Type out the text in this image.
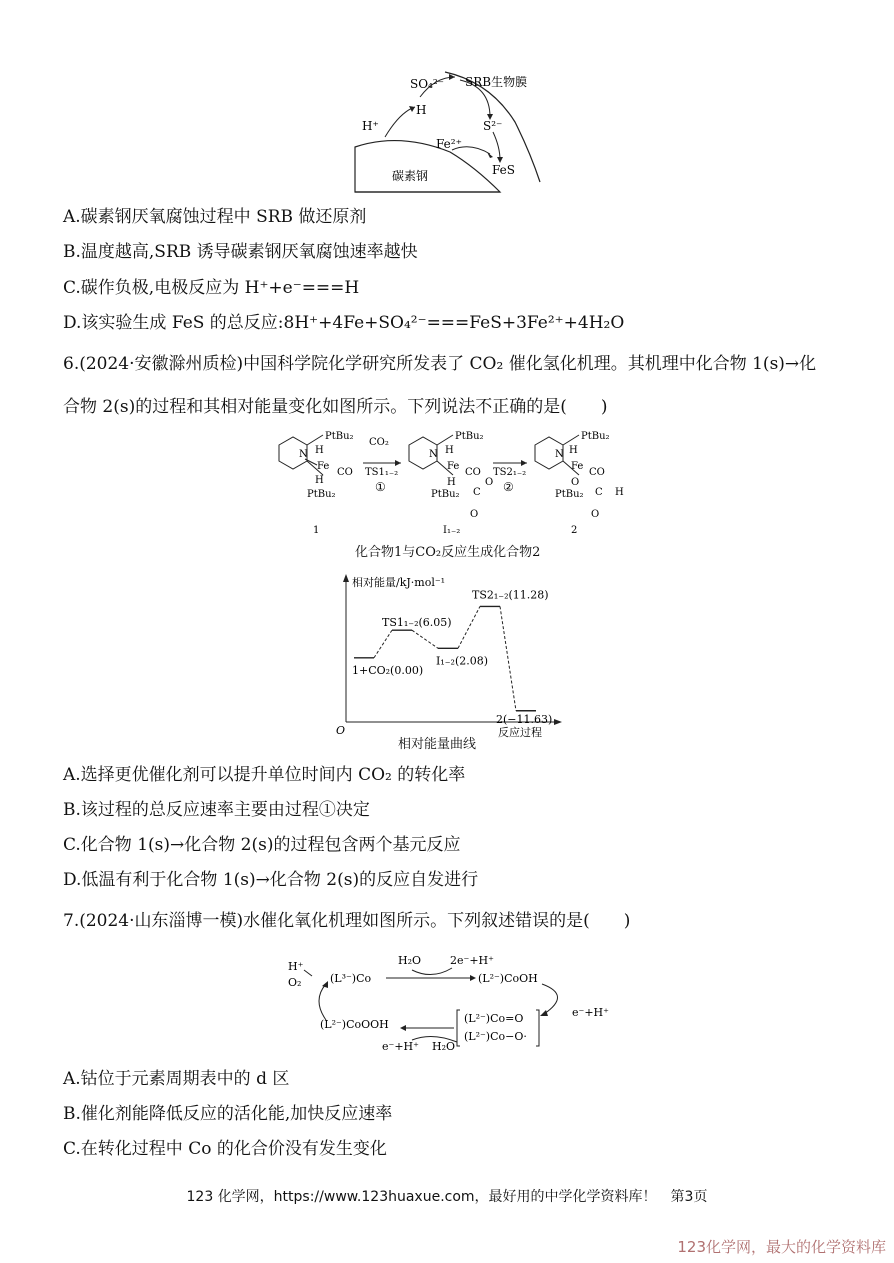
SO₄²⁻ SRB生物膜
H
H⁺	S²⁻
Fe²⁺
FeS
碳素钢
A.碳素钢厌氧腐蚀过程中 SRB 做还原剂
B.温度越高,SRB 诱导碳素钢厌氧腐蚀速率越快
C.碳作负极,电极反应为 H⁺+e⁻===H
D.该实验生成 FeS 的总反应:8H⁺+4Fe+SO₄²⁻===FeS+3Fe²⁺+4H₂O
6.(2024·安徽滁州质检)中国科学院化学研究所发表了 CO₂ 催化氢化机理。其机理中化合物 1(s)→化
合物 2(s)的过程和其相对能量变化如图所示。下列说法不正确的是(　　)
PtBu₂
N
Fe
H
H
CO
PtBu₂
1
CO₂
TS1₁₋₂
①
PtBu₂
N
Fe
H
CO
H
PtBu₂ C
O
O
I₁₋₂
TS2₁₋₂
②
PtBu₂
N
Fe
H
CO
O
PtBu₂ C H
O
2
化合物1与CO₂反应生成化合物2
相对能量/kJ·mol⁻¹
O	反应过程
1+CO₂(0.00)
TS1₁₋₂(6.05)
I₁₋₂(2.08)
TS2₁₋₂(11.28)
2(−11.63)
相对能量曲线
A.选择更优催化剂可以提升单位时间内 CO₂ 的转化率
B.该过程的总反应速率主要由过程①决定
C.化合物 1(s)→化合物 2(s)的过程包含两个基元反应
D.低温有利于化合物 1(s)→化合物 2(s)的反应自发进行
7.(2024·山东淄博一模)水催化氧化机理如图所示。下列叙述错误的是(　　)
H⁺
O₂	(L³⁻)Co
H₂O	2e⁻+H⁺
(L²⁻)CoOH
e⁻+H⁺
(L²⁻)Co=O
(L²⁻)Co−O·
(L²⁻)CoOOH
e⁻+H⁺ H₂O
A.钴位于元素周期表中的 d 区
B.催化剂能降低反应的活化能,加快反应速率
C.在转化过程中 Co 的化合价没有发生变化
123 化学网，https://www.123huaxue.com，最好用的中学化学资料库！　第3页
123化学网，最大的化学资料库
